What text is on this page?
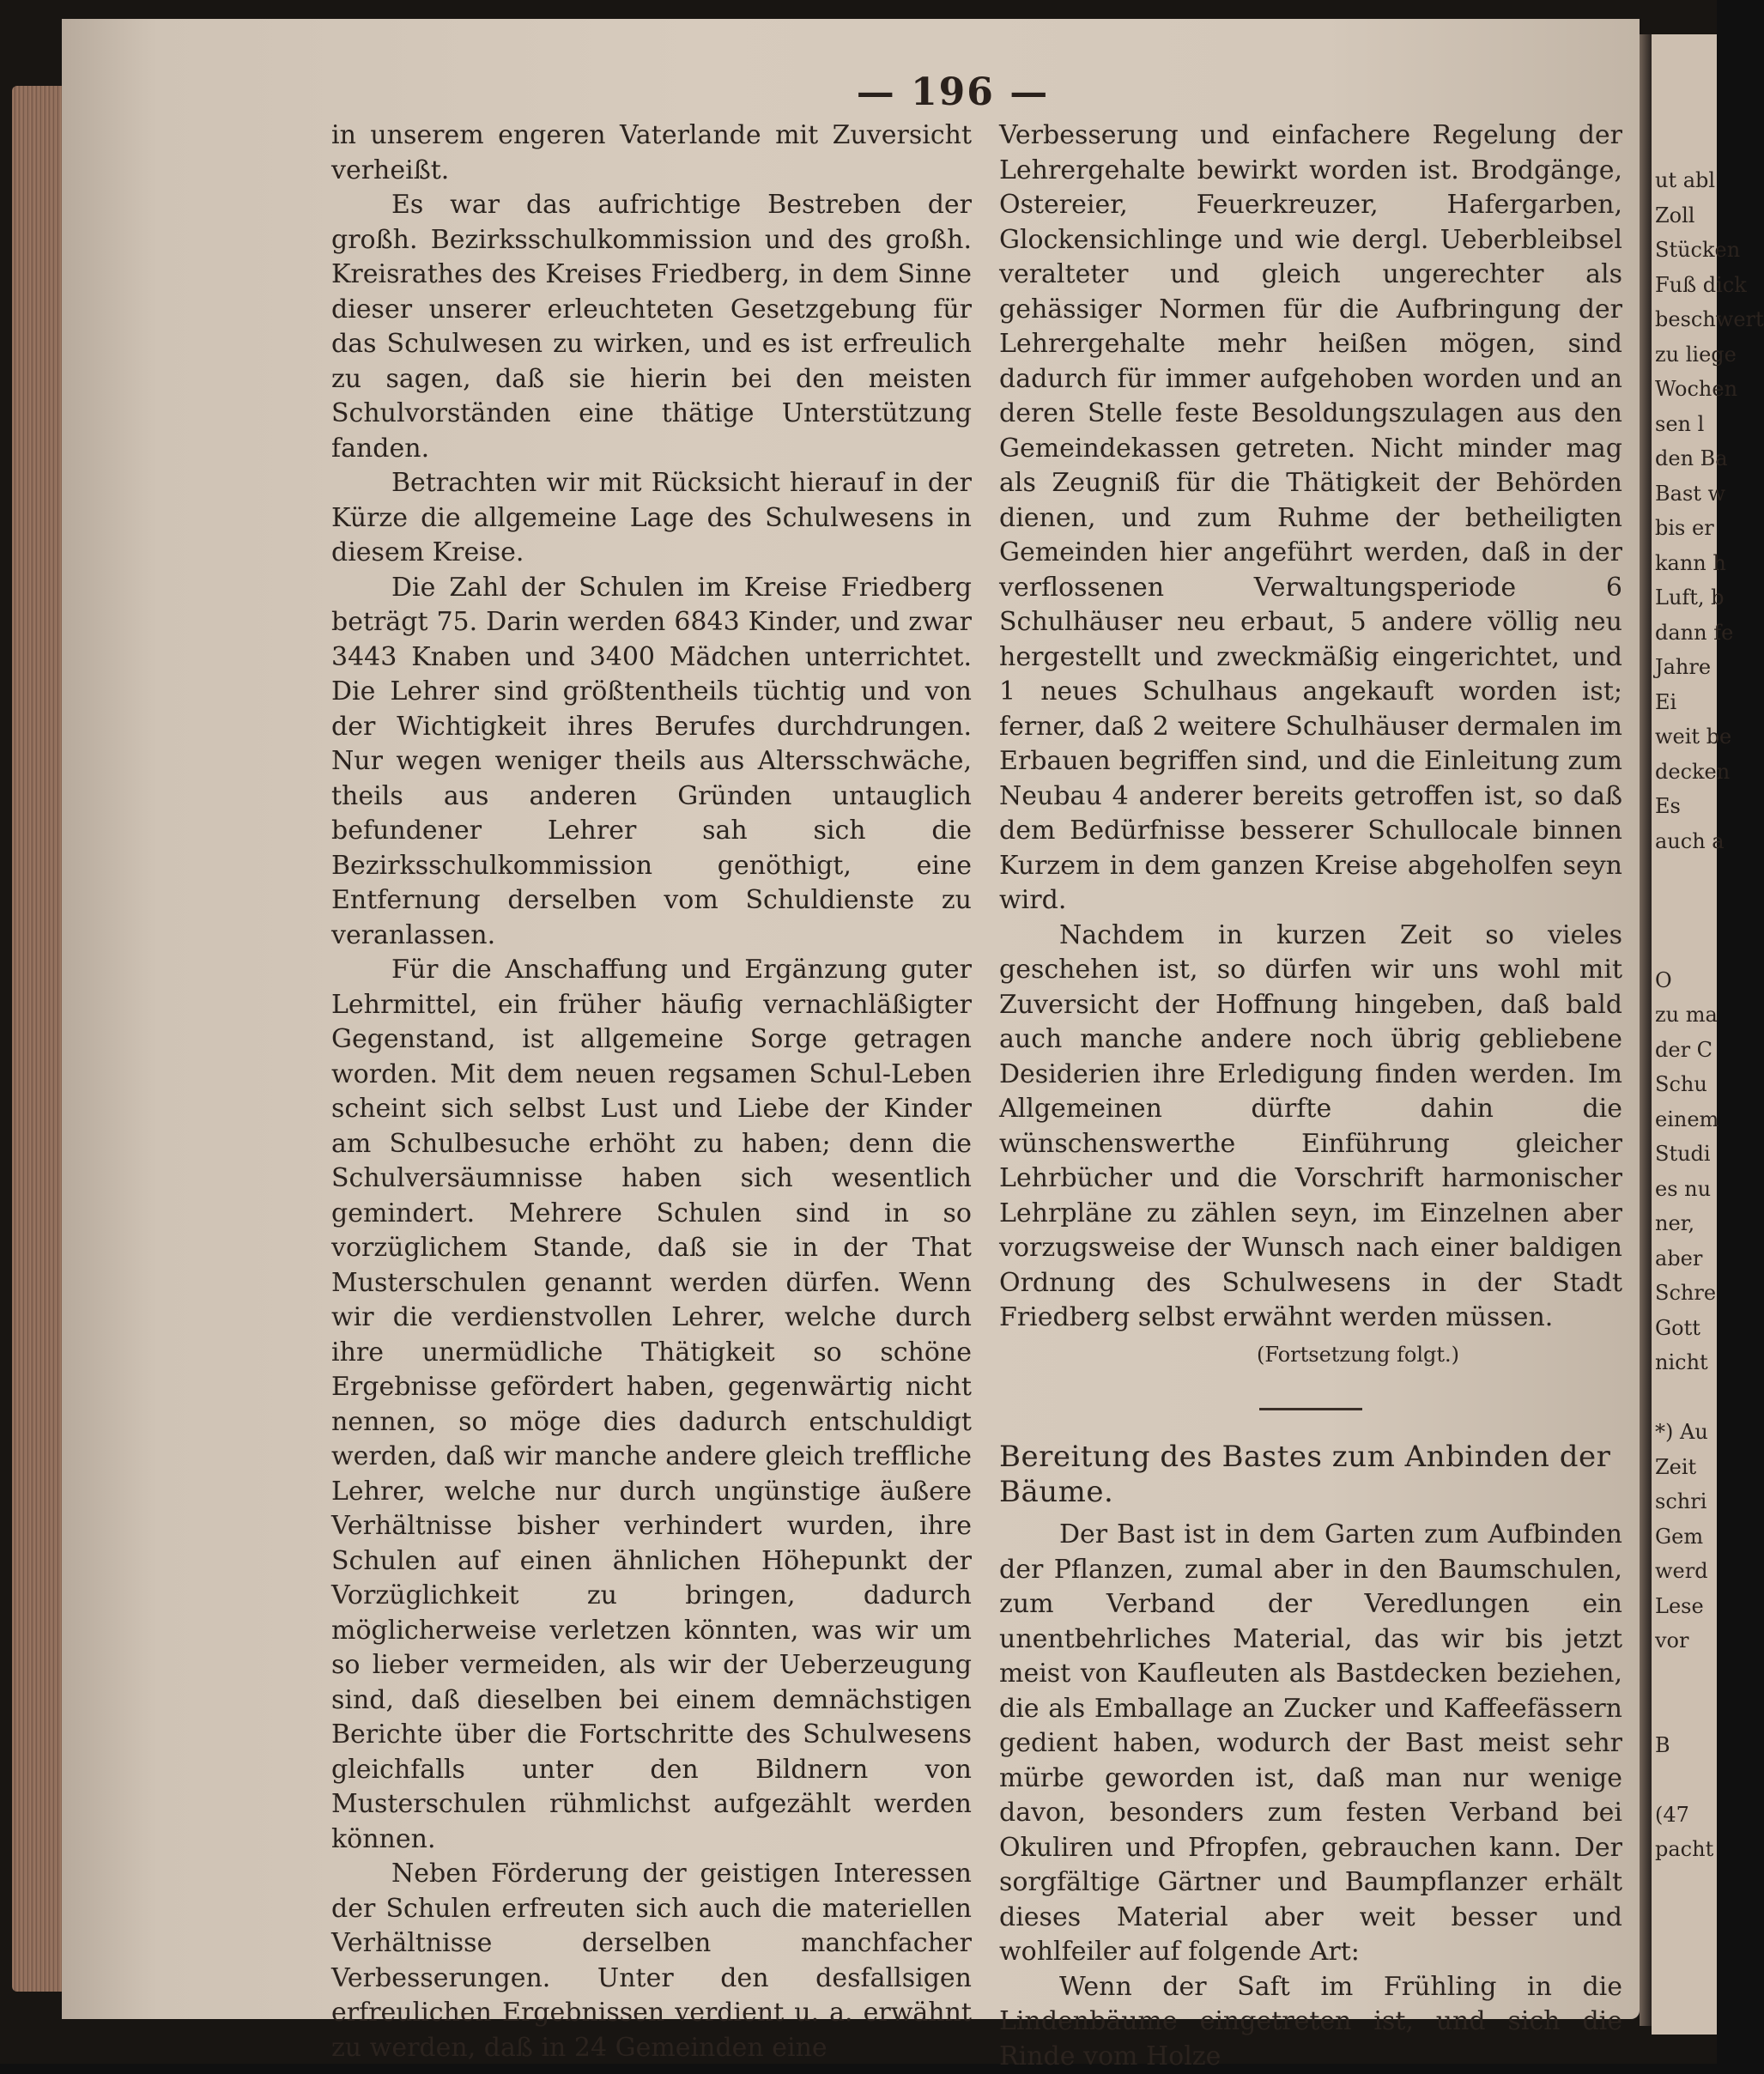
— 196 —

in unserem engeren Vaterlande mit Zuversicht verheißt.

Es war das aufrichtige Bestreben der großh. Bezirksschulkommission und des großh. Kreisrathes des Kreises Friedberg, in dem Sinne dieser unserer erleuchteten Gesetzgebung für das Schulwesen zu wirken, und es ist erfreulich zu sagen, daß sie hierin bei den meisten Schulvorständen eine thätige Unterstützung fanden.

Betrachten wir mit Rücksicht hierauf in der Kürze die allgemeine Lage des Schulwesens in diesem Kreise.

Die Zahl der Schulen im Kreise Friedberg beträgt 75. Darin werden 6843 Kinder, und zwar 3443 Knaben und 3400 Mädchen unterrichtet. Die Lehrer sind größtentheils tüchtig und von der Wichtigkeit ihres Berufes durchdrungen. Nur wegen weniger theils aus Altersschwäche, theils aus anderen Gründen untauglich befundener Lehrer sah sich die Bezirksschulkommission genöthigt, eine Entfernung derselben vom Schuldienste zu veranlassen.

Für die Anschaffung und Ergänzung guter Lehrmittel, ein früher häufig vernachläßigter Gegenstand, ist allgemeine Sorge getragen worden. Mit dem neuen regsamen Schul-Leben scheint sich selbst Lust und Liebe der Kinder am Schulbesuche erhöht zu haben; denn die Schulversäumnisse haben sich wesentlich gemindert. Mehrere Schulen sind in so vorzüglichem Stande, daß sie in der That Musterschulen genannt werden dürfen. Wenn wir die verdienstvollen Lehrer, welche durch ihre unermüdliche Thätigkeit so schöne Ergebnisse gefördert haben, gegenwärtig nicht nennen, so möge dies dadurch entschuldigt werden, daß wir manche andere gleich treffliche Lehrer, welche nur durch ungünstige äußere Verhältnisse bisher verhindert wurden, ihre Schulen auf einen ähnlichen Höhepunkt der Vorzüglichkeit zu bringen, dadurch möglicherweise verletzen könnten, was wir um so lieber vermeiden, als wir der Ueberzeugung sind, daß dieselben bei einem demnächstigen Berichte über die Fortschritte des Schulwesens gleichfalls unter den Bildnern von Musterschulen rühmlichst aufgezählt werden können.

Neben Förderung der geistigen Interessen der Schulen erfreuten sich auch die materiellen Verhältnisse derselben manchfacher Verbesserungen. Unter den desfallsigen erfreulichen Ergebnissen verdient u. a. erwähnt zu werden, daß in 24 Gemeinden eine

Verbesserung und einfachere Regelung der Lehrergehalte bewirkt worden ist. Brodgänge, Ostereier, Feuerkreuzer, Hafergarben, Glockensichlinge und wie dergl. Ueberbleibsel veralteter und gleich ungerechter als gehässiger Normen für die Aufbringung der Lehrergehalte mehr heißen mögen, sind dadurch für immer aufgehoben worden und an deren Stelle feste Besoldungszulagen aus den Gemeindekassen getreten. Nicht minder mag als Zeugniß für die Thätigkeit der Behörden dienen, und zum Ruhme der betheiligten Gemeinden hier angeführt werden, daß in der verflossenen Verwaltungsperiode 6 Schulhäuser neu erbaut, 5 andere völlig neu hergestellt und zweckmäßig eingerichtet, und 1 neues Schulhaus angekauft worden ist; ferner, daß 2 weitere Schulhäuser dermalen im Erbauen begriffen sind, und die Einleitung zum Neubau 4 anderer bereits getroffen ist, so daß dem Bedürfnisse besserer Schullocale binnen Kurzem in dem ganzen Kreise abgeholfen seyn wird.

Nachdem in kurzen Zeit so vieles geschehen ist, so dürfen wir uns wohl mit Zuversicht der Hoffnung hingeben, daß bald auch manche andere noch übrig gebliebene Desiderien ihre Erledigung finden werden. Im Allgemeinen dürfte dahin die wünschenswerthe Einführung gleicher Lehrbücher und die Vorschrift harmonischer Lehrpläne zu zählen seyn, im Einzelnen aber vorzugsweise der Wunsch nach einer baldigen Ordnung des Schulwesens in der Stadt Friedberg selbst erwähnt werden müssen.

(Fortsetzung folgt.)
Bereitung des Bastes zum Anbinden der Bäume.

Der Bast ist in dem Garten zum Aufbinden der Pflanzen, zumal aber in den Baumschulen, zum Verband der Veredlungen ein unentbehrliches Material, das wir bis jetzt meist von Kaufleuten als Bastdecken beziehen, die als Emballage an Zucker und Kaffeefässern gedient haben, wodurch der Bast meist sehr mürbe geworden ist, daß man nur wenige davon, besonders zum festen Verband bei Okuliren und Pfropfen, gebrauchen kann. Der sorgfältige Gärtner und Baumpflanzer erhält dieses Material aber weit besser und wohlfeiler auf folgende Art:

Wenn der Saft im Frühling in die Lindenbäume eingetreten ist, und sich die Rinde vom Holze

ut abl
Zoll
Stücken
Fuß dick
beschwert
zu liege
Wochen
sen l
den Ba
Bast w
bis er
kann h
Luft, b
dann fe
Jahre
Ei
weit be
decken
Es
auch a
O
zu ma
der C
Schu
einem
Studi
es nu
ner,
aber
Schre
Gott
nicht
*) Au
Zeit
schri
Gem
werd
Lese
vor
B
(47
pacht
